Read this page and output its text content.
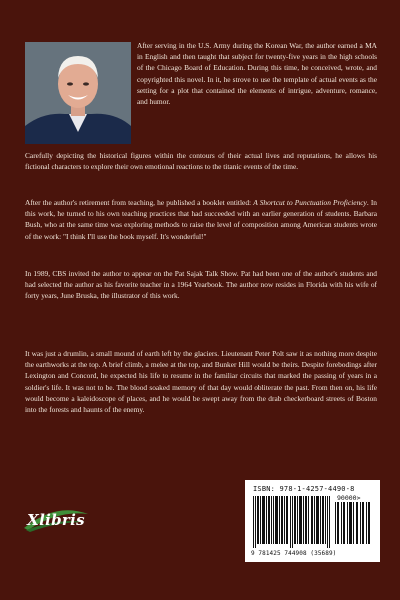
After serving in the U.S. Army during the Korean War, the author earned a MA in English and then taught that subject for twenty-five years in the high schools of the Chicago Board of Education. During this time, he conceived, wrote, and copyrighted this novel. In it, he strove to use the template of actual events as the setting for a plot that contained the elements of intrigue, adventure, romance, and humor.

Carefully depicting the historical figures within the contours of their actual lives and reputations, he allows his fictional characters to explore their own emotional reactions to the titanic events of the time.

After the author's retirement from teaching, he published a booklet entitled: A Shortcut to Punctuation Proficiency. In this work, he turned to his own teaching practices that had succeeded with an earlier generation of students. Barbara Bush, who at the same time was exploring methods to raise the level of composition among American students wrote of the work: "I think I'll use the book myself. It's wonderful!"

In 1989, CBS invited the author to appear on the Pat Sajak Talk Show. Pat had been one of the author's students and had selected the author as his favorite teacher in a 1964 Yearbook. The author now resides in Florida with his wife of forty years, June Bruska, the illustrator of this work.

It was just a drumlin, a small mound of earth left by the glaciers. Lieutenant Peter Polt saw it as nothing more despite the earthworks at the top. A brief climb, a melee at the top, and Bunker Hill would be theirs. Despite forebodings after Lexington and Concord, he expected his life to resume in the familiar circuits that marked the passing of years in a soldier's life. It was not to be. The blood soaked memory of that day would obliterate the past. From then on, his life would become a kaleidoscope of places, and he would be swept away from the drab checkerboard streets of Boston into the forests and haunts of the enemy.

Xlibris
ISBN: 978-1-4257-4490-8
90000>
9 781425 744908 (35689)
